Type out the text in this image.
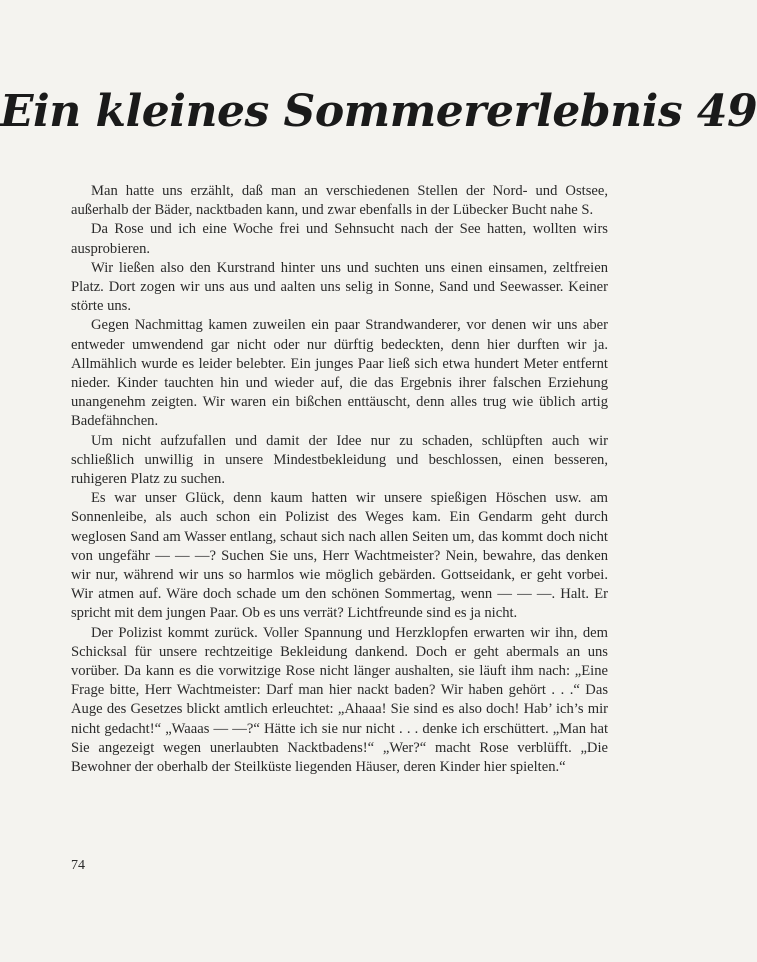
Ein kleines Sommererlebnis 49

Man hatte uns erzählt, daß man an verschiedenen Stellen der Nord- und Ostsee, außerhalb der Bäder, nacktbaden kann, und zwar ebenfalls in der Lübecker Bucht nahe S.

Da Rose und ich eine Woche frei und Sehnsucht nach der See hatten, wollten wirs ausprobieren.

Wir ließen also den Kurstrand hinter uns und suchten uns einen einsamen, zeltfreien Platz. Dort zogen wir uns aus und aalten uns selig in Sonne, Sand und Seewasser. Keiner störte uns.

Gegen Nachmittag kamen zuweilen ein paar Strandwanderer, vor denen wir uns aber entweder umwendend gar nicht oder nur dürftig bedeckten, denn hier durften wir ja. Allmählich wurde es leider belebter. Ein junges Paar ließ sich etwa hundert Meter entfernt nieder. Kinder tauchten hin und wieder auf, die das Ergebnis ihrer falschen Erziehung unangenehm zeigten. Wir waren ein bißchen enttäuscht, denn alles trug wie üblich artig Badefähnchen.

Um nicht aufzufallen und damit der Idee nur zu schaden, schlüpften auch wir schließlich unwillig in unsere Mindestbekleidung und beschlossen, einen besseren, ruhigeren Platz zu suchen.

Es war unser Glück, denn kaum hatten wir unsere spießigen Höschen usw. am Sonnenleibe, als auch schon ein Polizist des Weges kam. Ein Gendarm geht durch weglosen Sand am Wasser entlang, schaut sich nach allen Seiten um, das kommt doch nicht von ungefähr — — —? Suchen Sie uns, Herr Wachtmeister? Nein, bewahre, das denken wir nur, während wir uns so harmlos wie möglich gebärden. Gottseidank, er geht vorbei. Wir atmen auf. Wäre doch schade um den schönen Sommertag, wenn — — —. Halt. Er spricht mit dem jungen Paar. Ob es uns verrät? Lichtfreunde sind es ja nicht.

Der Polizist kommt zurück. Voller Spannung und Herzklopfen erwarten wir ihn, dem Schicksal für unsere rechtzeitige Bekleidung dankend. Doch er geht abermals an uns vorüber. Da kann es die vorwitzige Rose nicht länger aushalten, sie läuft ihm nach: „Eine Frage bitte, Herr Wachtmeister: Darf man hier nackt baden? Wir haben gehört . . .“ Das Auge des Gesetzes blickt amtlich erleuchtet: „Ahaaa! Sie sind es also doch! Hab’ ich’s mir nicht gedacht!“ „Waaas — —?“ Hätte ich sie nur nicht . . . denke ich erschüttert. „Man hat Sie angezeigt wegen unerlaubten Nacktbadens!“ „Wer?“ macht Rose verblüfft. „Die Bewohner der oberhalb der Steilküste liegenden Häuser, deren Kinder hier spielten.“

74
